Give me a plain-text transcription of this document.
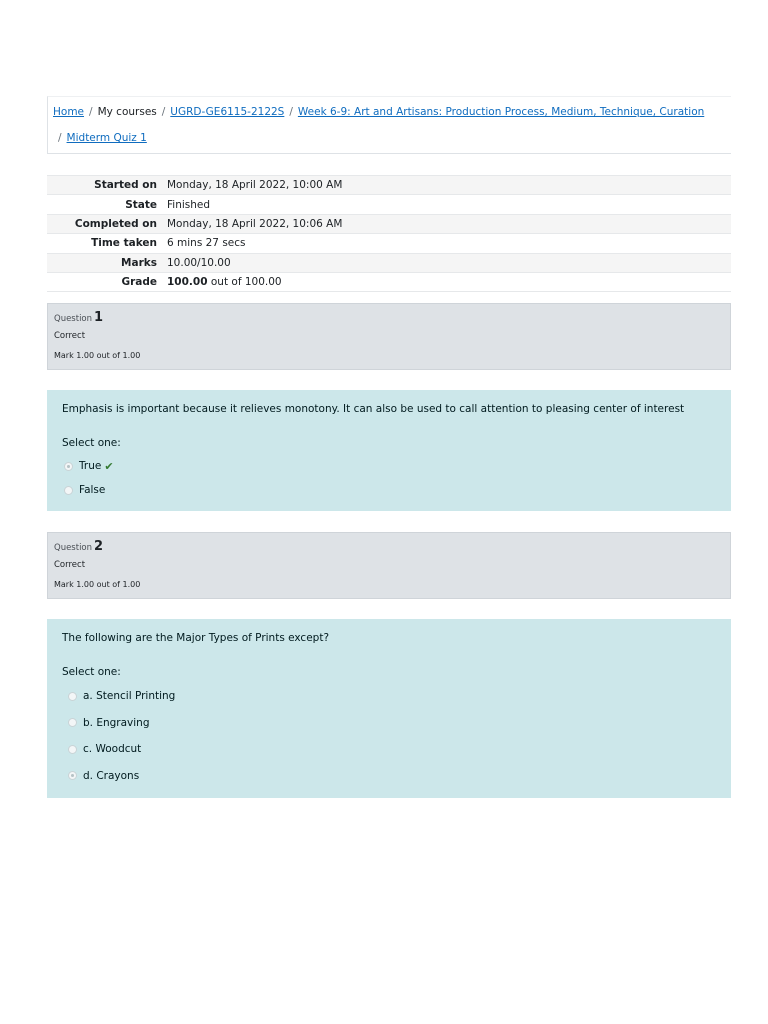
Home / My courses / UGRD-GE6115-2122S / Week 6-9: Art and Artisans: Production Process, Medium, Technique, Curation
/ Midterm Quiz 1
Started on	Monday, 18 April 2022, 10:00 AM
State	Finished
Completed on	Monday, 18 April 2022, 10:06 AM
Time taken	6 mins 27 secs
Marks	10.00/10.00
Grade	100.00 out of 100.00
Question 1
Correct
Mark 1.00 out of 1.00
Emphasis is important because it relieves monotony. It can also be used to call attention to pleasing center of interest
Select one:
True ✔
False
Question 2
Correct
Mark 1.00 out of 1.00
The following are the Major Types of Prints except?
Select one:
a. Stencil Printing
b. Engraving
c. Woodcut
d. Crayons
